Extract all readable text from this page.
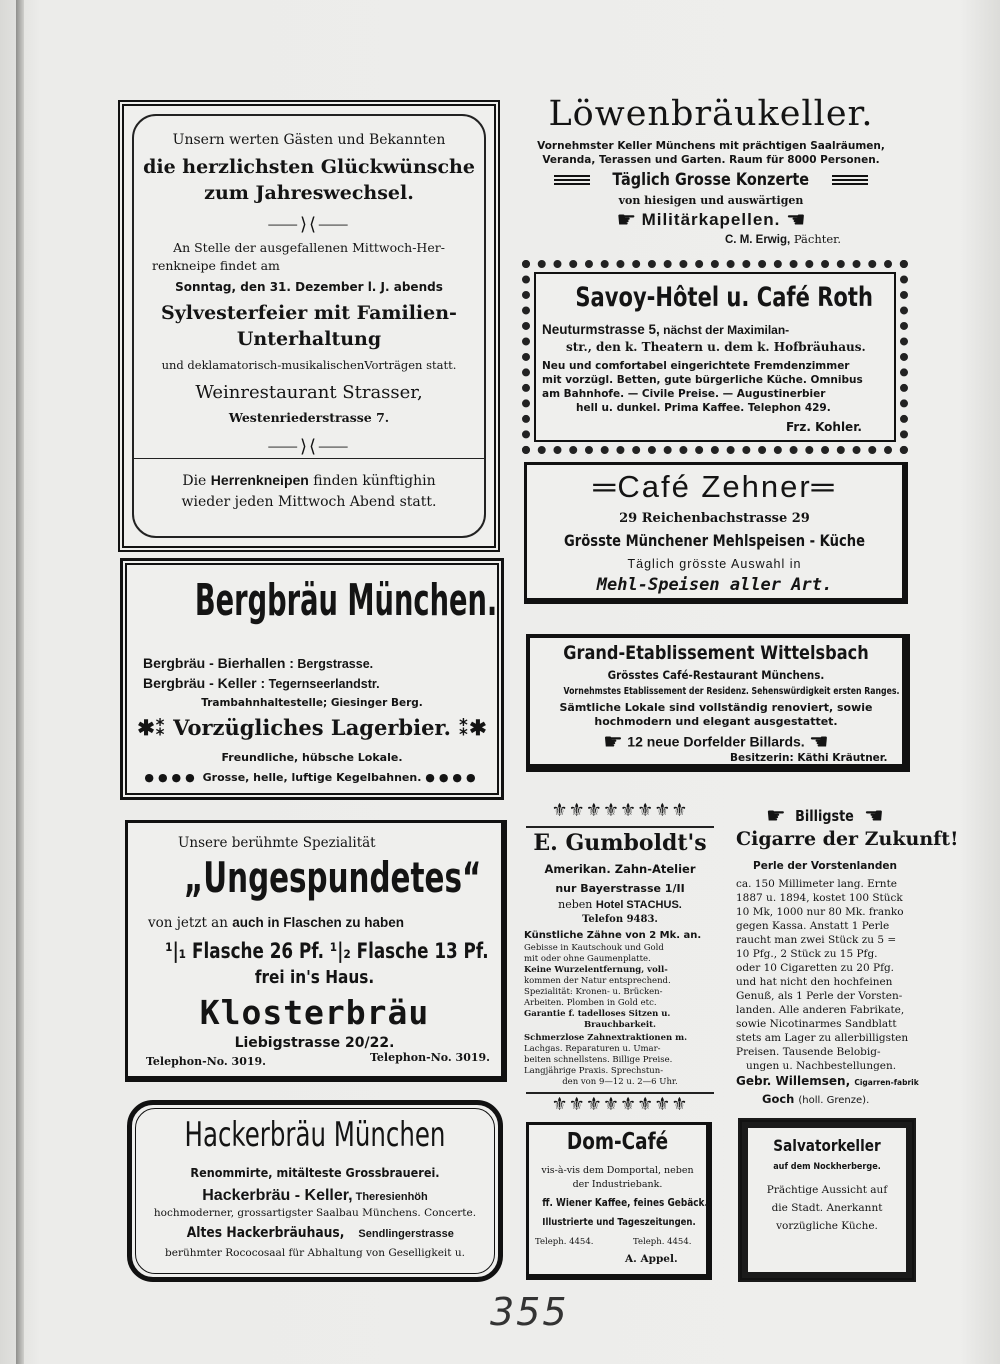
Unsern werten Gästen und Bekannten
die herzlichsten Glückwünsche
zum Jahreswechsel.
⸺⟩⟨⸺
An Stelle der ausgefallenen Mittwoch-Her-
renkneipe findet am
Sonntag, den 31. Dezember l. J. abends
Sylvesterfeier mit Familien-
Unterhaltung
und deklamatorisch-musikalischenVorträgen statt.
Weinrestaurant Strasser,
Westenriederstrasse 7.
⸺⟩⟨⸺
Die Herrenkneipen finden künftighin
wieder jeden Mittwoch Abend statt.
Löwenbräukeller.
Vornehmster Keller Münchens mit prächtigen Saalräumen,
Veranda, Terassen und Garten. Raum für 8000 Personen.
Täglich Grosse Konzerte
von hiesigen und auswärtigen
☛ Militärkapellen. ☛
C. M. Erwig, Pächter.
Savoy-Hôtel u. Café Roth
Neuturmstrasse 5, nächst der Maximilan-
str., den k. Theatern u. dem k. Hofbräuhaus.
Neu und comfortabel eingerichtete Fremdenzimmer
mit vorzügl. Betten, gute bürgerliche Küche. Omnibus
am Bahnhofe. — Civile Preise. — Augustinerbier
hell u. dunkel. Prima Kaffee. Telephon 429.
Frz. Kohler.
═Café Zehner═
29 Reichenbachstrasse 29
Grösste Münchener Mehlspeisen - Küche
Täglich grösste Auswahl in
Mehl-Speisen aller Art.
Grand-Etablissement Wittelsbach
Grösstes Café-Restaurant Münchens.
Vornehmstes Etablissement der Residenz. Sehenswürdigkeit ersten Ranges.
Sämtliche Lokale sind vollständig renoviert, sowie
hochmodern und elegant ausgestattet.
☛ 12 neue Dorfelder Billards. ☛
Besitzerin: Käthi Kräutner.
Bergbräu München.
Bergbräu - Bierhallen : Bergstrasse.
Bergbräu - Keller : Tegernseerlandstr.
Trambahnhaltestelle; Giesinger Berg.
✱⁑ Vorzügliches Lagerbier. ⁑✱
Freundliche, hübsche Lokale.
●●●● Grosse, helle, luftige Kegelbahnen. ●●●●
Unsere berühmte Spezialität
„Ungespundetes“
von jetzt an auch in Flaschen zu haben
¹|₁ Flasche 26 Pf. ¹|₂ Flasche 13 Pf.
frei in's Haus.
Klosterbräu
Liebigstrasse 20/22.
Telephon-No. 3019.	Telephon-No. 3019.
⚜⚜⚜⚜⚜⚜⚜⚜
E. Gumboldt's
Amerikan. Zahn-Atelier
nur Bayerstrasse 1/II
neben Hotel STACHUS.
Telefon 9483.
Künstliche Zähne von 2 Mk. an.
Gebisse in Kautschouk und Gold
mit oder ohne Gaumenplatte.
Keine Wurzelentfernung, voll-
kommen der Natur entsprechend.
Spezialität: Kronen- u. Brücken-
Arbeiten. Plomben in Gold etc.
Garantie f. tadelloses Sitzen u.
Brauchbarkeit.
Schmerzlose Zahnextraktionen m.
Lachgas. Reparaturen u. Umar-
beiten schnellstens. Billige Preise.
Langjährige Praxis. Sprechstun-
den von 9—12 u. 2—6 Uhr.
⚜⚜⚜⚜⚜⚜⚜⚜
☛ Billigste ☛
Cigarre der Zukunft!
Perle der Vorstenlanden
ca. 150 Millimeter lang. Ernte
1887 u. 1894, kostet 100 Stück
10 Mk, 1000 nur 80 Mk. franko
gegen Kassa. Anstatt 1 Perle
raucht man zwei Stück zu 5 =
10 Pfg., 2 Stück zu 15 Pfg.
oder 10 Cigaretten zu 20 Pfg.
und hat nicht den hochfeinen
Genuß, als 1 Perle der Vorsten-
landen. Alle anderen Fabrikate,
sowie Nicotinarmes Sandblatt
stets am Lager zu allerbilligsten
Preisen. Tausende Belobig-
ungen u. Nachbestellungen.
Gebr. Willemsen, Cigarren-fabrik
Goch (holl. Grenze).
Hackerbräu München
Renommirte, mitälteste Grossbrauerei.
Hackerbräu - Keller, Theresienhöh
hochmoderner, grossartigster Saalbau Münchens. Concerte.
Altes Hackerbräuhaus, Sendlingerstrasse
berühmter Rococosaal für Abhaltung von Geselligkeit u.
Dom-Café
vis-à-vis dem Domportal, neben
der Industriebank.
ff. Wiener Kaffee, feines Gebäck.
Illustrierte und Tageszeitungen.
Teleph. 4454.	Teleph. 4454.
A. Appel.
Salvatorkeller
auf dem Nockherberge.
Prächtige Aussicht auf
die Stadt. Anerkannt
vorzügliche Küche.
355
